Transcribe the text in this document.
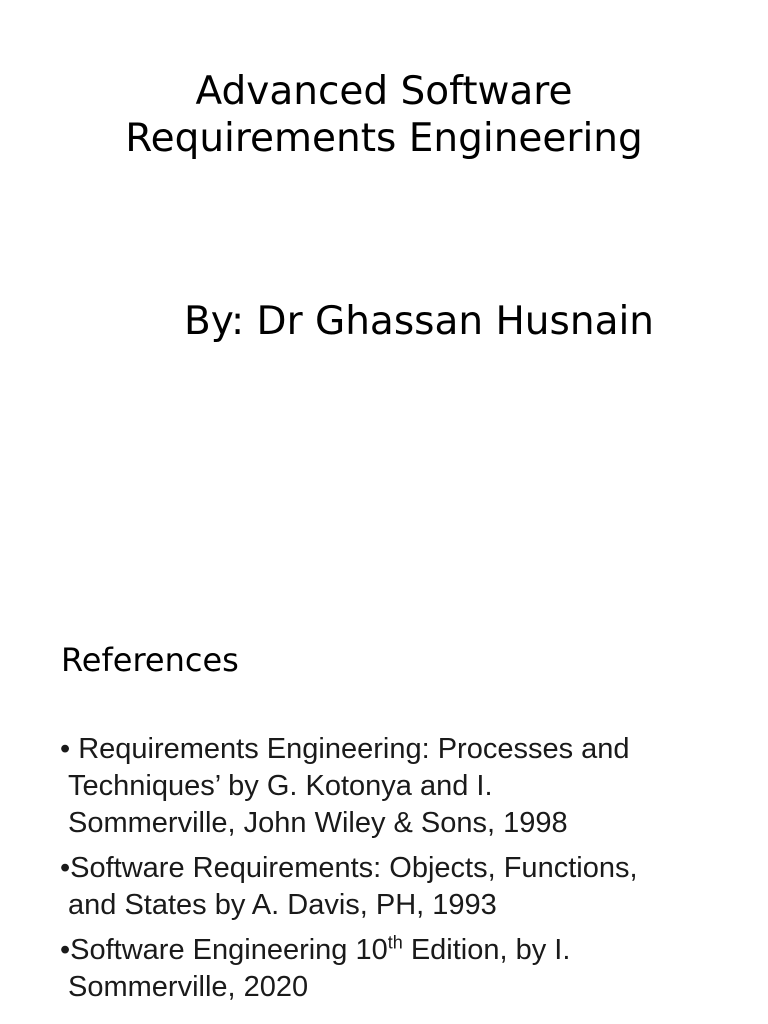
Advanced Software
Requirements Engineering

By: Dr Ghassan Husnain

References
• Requirements Engineering: Processes and
Techniques’ by G. Kotonya and I.
Sommerville, John Wiley & Sons, 1998
•Software Requirements: Objects, Functions,
and States by A. Davis, PH, 1993
•Software Engineering 10th Edition, by I.
Sommerville, 2020
